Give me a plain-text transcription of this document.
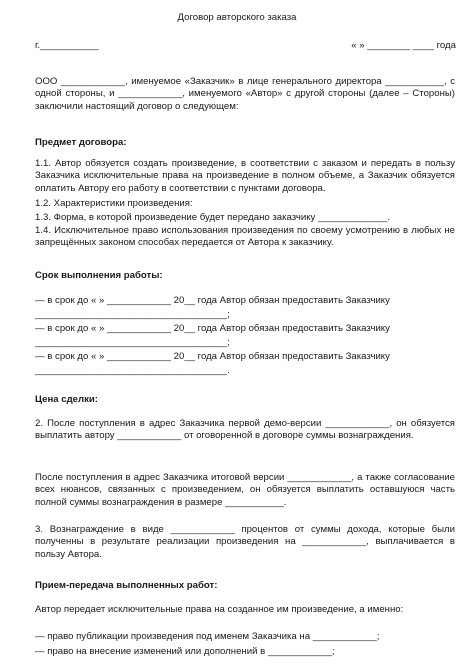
Договор авторского заказа
г.___________	« » ________ ____ года
ООО ____________, именуемое «Заказчик» в лице генерального директора ___________, с одной стороны, и ____________, именуемого «Автор» с другой стороны (далее – Стороны) заключили настоящий договор о следующем:
Предмет договора:
1.1. Автор обязуется создать произведение, в соответствии с заказом и передать в пользу Заказчика исключительные права на произведение в полном объеме, а Заказчик обязуется оплатить Автору его работу в соответствии с пунктами договора.
1.2. Характеристики произведения:
1.3. Форма, в которой произведение будет передано заказчику _____________.
1.4. Исключительное право использования произведения по своему усмотрению в любых не запрещённых законом способах передается от Автора к заказчику.
Срок выполнения работы:
— в срок до « » ____________ 20__ года Автор обязан предоставить Заказчику
____________________________________;
— в срок до « » ____________ 20__ года Автор обязан предоставить Заказчику
____________________________________;
— в срок до « » ____________ 20__ года Автор обязан предоставить Заказчику
____________________________________.
Цена сделки:
2. После поступления в адрес Заказчика первой демо-версии ____________, он обязуется выплатить автору ____________ от оговоренной в договоре суммы вознаграждения.
После поступления в адрес Заказчика итоговой версии ____________, а также согласование всех нюансов, связанных с произведением, он обязуется выплатить оставшуюся часть полной суммы вознаграждения в размере ___________.
3. Вознаграждение в виде ____________ процентов от суммы дохода, которые были полученны в результате реализации произведения на ____________, выплачивается в пользу Автора.
Прием-передача выполненных работ:
Автор передает исключительные права на созданное им произведение, а именно:
— право публикации произведения под именем Заказчика на ____________;
— право на внесение изменений или дополнений в ____________;
